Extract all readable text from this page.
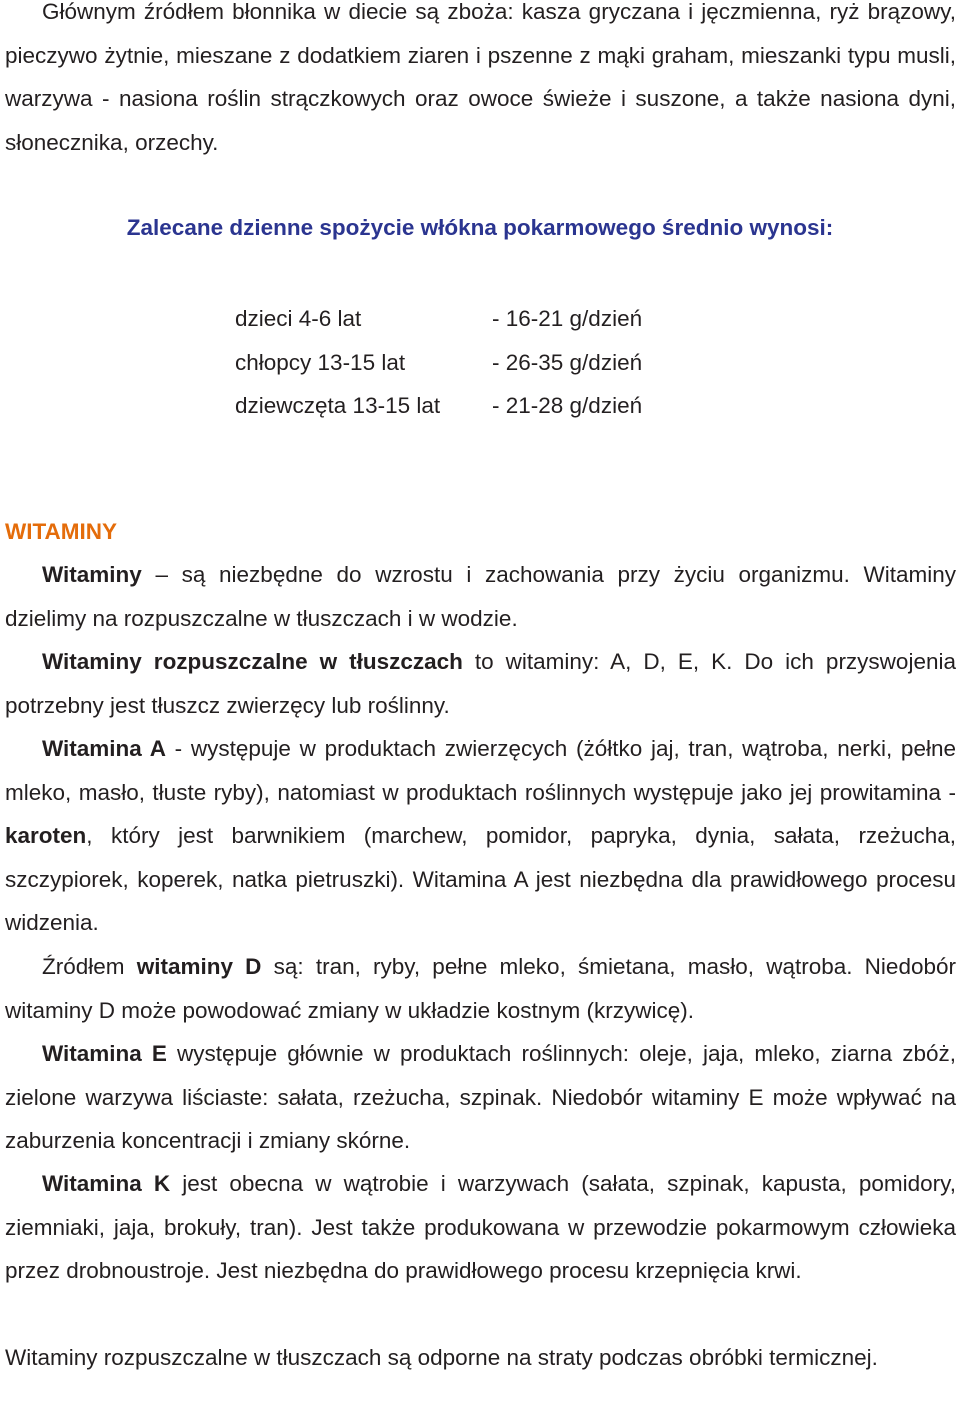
Głównym źródłem błonnika w diecie są zboża: kasza gryczana i jęczmienna, ryż brązowy, pieczywo żytnie, mieszane z dodatkiem ziaren i pszenne z mąki graham, mieszanki typu musli, warzywa - nasiona roślin strączkowych oraz owoce świeże i suszone, a także nasiona dyni, słonecznika, orzechy.

Zalecane dzienne spożycie włókna pokarmowego średnio wynosi:

dzieci 4-6 lat	- 16-21 g/dzień
chłopcy 13-15 lat	- 26-35 g/dzień
dziewczęta 13-15 lat	- 21-28 g/dzień

WITAMINY

Witaminy – są niezbędne do wzrostu i zachowania przy życiu organizmu. Witaminy dzielimy na rozpuszczalne w tłuszczach i w wodzie.

Witaminy rozpuszczalne w tłuszczach to witaminy: A, D, E, K. Do ich przyswojenia potrzebny jest tłuszcz zwierzęcy lub roślinny.

Witamina A - występuje w produktach zwierzęcych (żółtko jaj, tran, wątroba, nerki, pełne mleko, masło, tłuste ryby), natomiast w produktach roślinnych występuje jako jej prowitamina - karoten, który jest barwnikiem (marchew, pomidor, papryka, dynia, sałata, rzeżucha, szczypiorek, koperek, natka pietruszki). Witamina A jest niezbędna dla prawidłowego procesu widzenia.

Źródłem witaminy D są: tran, ryby, pełne mleko, śmietana, masło, wątroba. Niedobór witaminy D może powodować zmiany w układzie kostnym (krzywicę).

Witamina E występuje głównie w produktach roślinnych: oleje, jaja, mleko, ziarna zbóż, zielone warzywa liściaste: sałata, rzeżucha, szpinak. Niedobór witaminy E może wpływać na zaburzenia koncentracji i zmiany skórne.

Witamina K jest obecna w wątrobie i warzywach (sałata, szpinak, kapusta, pomidory, ziemniaki, jaja, brokuły, tran). Jest także produkowana w przewodzie pokarmowym człowieka przez drobnoustroje. Jest niezbędna do prawidłowego procesu krzepnięcia krwi.

Witaminy rozpuszczalne w tłuszczach są odporne na straty podczas obróbki termicznej.
